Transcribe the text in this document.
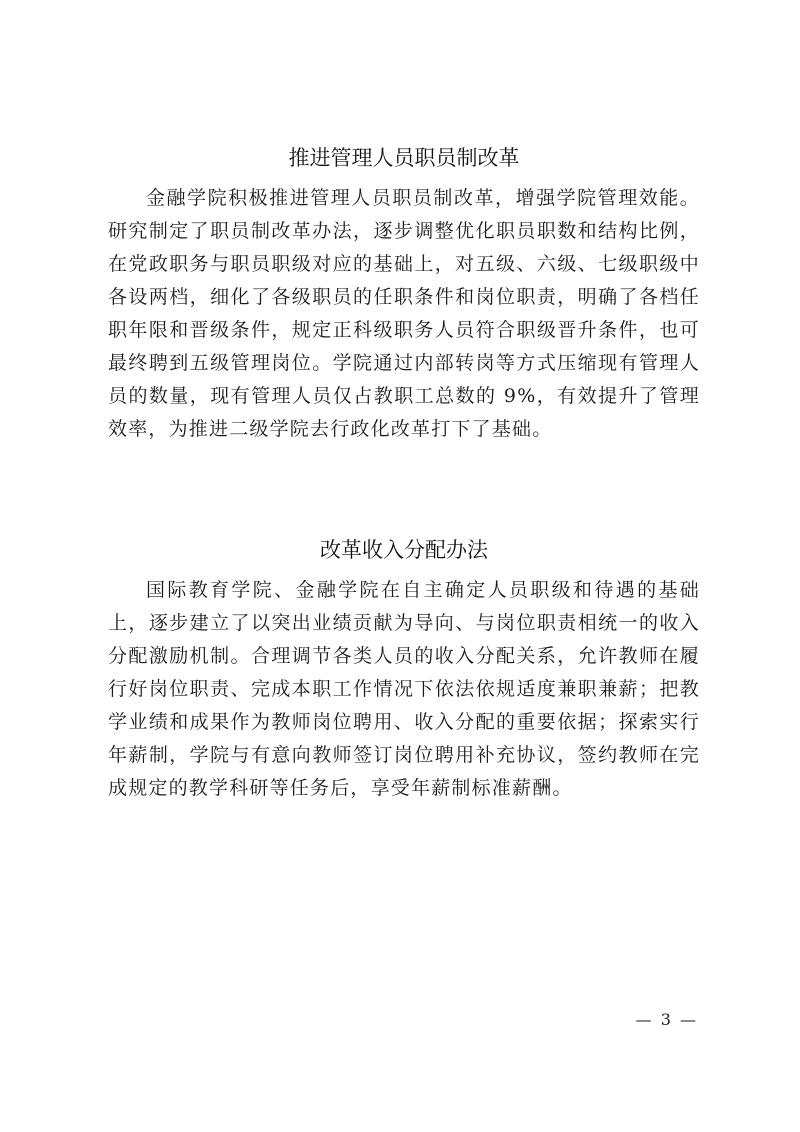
推进管理人员职员制改革

金融学院积极推进管理人员职员制改革，增强学院管理效能。研究制定了职员制改革办法，逐步调整优化职员职数和结构比例，在党政职务与职员职级对应的基础上，对五级、六级、七级职级中各设两档，细化了各级职员的任职条件和岗位职责，明确了各档任职年限和晋级条件，规定正科级职务人员符合职级晋升条件，也可最终聘到五级管理岗位。学院通过内部转岗等方式压缩现有管理人员的数量，现有管理人员仅占教职工总数的 9%，有效提升了管理效率，为推进二级学院去行政化改革打下了基础。

改革收入分配办法

国际教育学院、金融学院在自主确定人员职级和待遇的基础上，逐步建立了以突出业绩贡献为导向、与岗位职责相统一的收入分配激励机制。合理调节各类人员的收入分配关系，允许教师在履行好岗位职责、完成本职工作情况下依法依规适度兼职兼薪；把教学业绩和成果作为教师岗位聘用、收入分配的重要依据；探索实行年薪制，学院与有意向教师签订岗位聘用补充协议，签约教师在完成规定的教学科研等任务后，享受年薪制标准薪酬。

— 3 —
